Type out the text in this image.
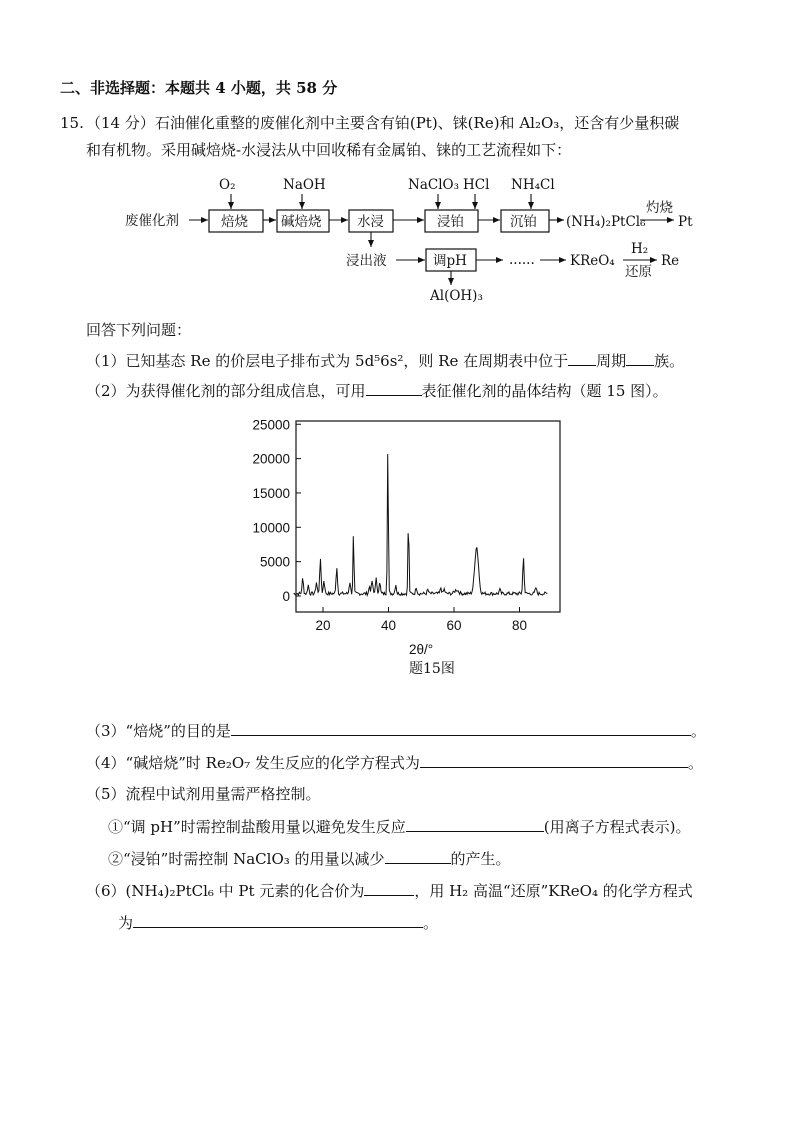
二、非选择题：本题共 4 小题，共 58 分
15. （14 分）石油催化重整的废催化剂中主要含有铂(Pt)、铼(Re)和 Al₂O₃，还含有少量积碳
和有机物。采用碱焙烧-水浸法从中回收稀有金属铂、铼的工艺流程如下：
O₂	NaOH	NaClO₃ HCl NH₄Cl
废催化剂	焙烧 碱焙烧	水浸	浸铂	沉铂 (NH₄)₂PtCl₆
灼烧
Pt
浸出液	调pH	......	KReO₄
H₂
还原
Re
Al(OH)₃
回答下列问题：
（1）已知基态 Re 的价层电子排布式为 5d⁵6s²，则 Re 在周期表中位于 周期 族。
（2）为获得催化剂的部分组成信息，可用	表征催化剂的晶体结构（题 15 图）。
0
5000
10000
15000
20000
25000
20	40	60	80
2θ/°
题15图
（3）“焙烧”的目的是	。
（4）“碱焙烧”时 Re₂O₇ 发生反应的化学方程式为	。
（5）流程中试剂用量需严格控制。
①“调 pH”时需控制盐酸用量以避免发生反应	(用离子方程式表示)。
②“浸铂”时需控制 NaClO₃ 的用量以减少	的产生。
（6）(NH₄)₂PtCl₆ 中 Pt 元素的化合价为	，用 H₂ 高温“还原”KReO₄ 的化学方程式
为	。
